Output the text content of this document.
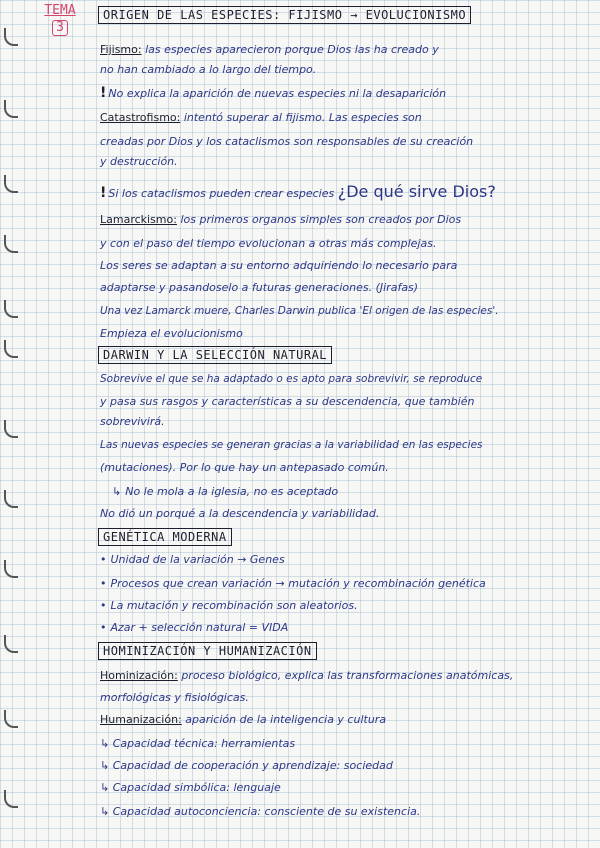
TEMA
3
ORIGEN DE LAS ESPECIES: FIJISMO → EVOLUCIONISMO
Fijismo: las especies aparecieron porque Dios las ha creado y
no han cambiado a lo largo del tiempo.
! No explica la aparición de nuevas especies ni la desaparición
Catastrofismo: intentó superar al fijismo. Las especies son
creadas por Dios y los cataclismos son responsables de su creación
y destrucción.
! Si los cataclismos pueden crear especies ¿De qué sirve Dios?
Lamarckismo: los primeros organos simples son creados por Dios
y con el paso del tiempo evolucionan a otras más complejas.
Los seres se adaptan a su entorno adquiriendo lo necesario para
adaptarse y pasandoselo a futuras generaciones. (Jirafas)
Una vez Lamarck muere, Charles Darwin publica 'El origen de las especies'.
Empieza el evolucionismo
DARWIN Y LA SELECCIÓN NATURAL
Sobrevive el que se ha adaptado o es apto para sobrevivir, se reproduce
y pasa sus rasgos y características a su descendencia, que también
sobrevivirá.
Las nuevas especies se generan gracias a la variabilidad en las especies
(mutaciones). Por lo que hay un antepasado común.
↳ No le mola a la iglesia, no es aceptado
No dió un porqué a la descendencia y variabilidad.
GENÉTICA MODERNA
• Unidad de la variación → Genes
• Procesos que crean variación → mutación y recombinación genética
• La mutación y recombinación son aleatorios.
• Azar + selección natural = VIDA
HOMINIZACIÓN Y HUMANIZACIÓN
Hominización: proceso biológico, explica las transformaciones anatómicas,
morfológicas y fisiológicas.
Humanización: aparición de la inteligencia y cultura
↳ Capacidad técnica: herramientas
↳ Capacidad de cooperación y aprendizaje: sociedad
↳ Capacidad simbólica: lenguaje
↳ Capacidad autoconciencia: consciente de su existencia.
